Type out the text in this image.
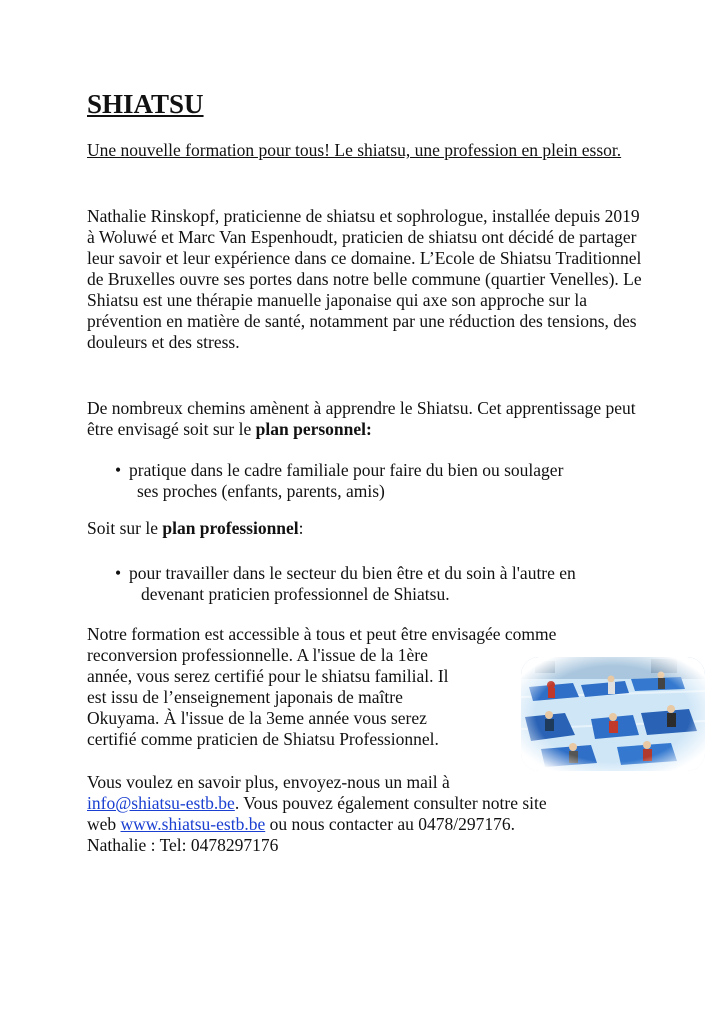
SHIATSU

Une nouvelle formation pour tous! Le shiatsu, une profession en plein essor.

Nathalie Rinskopf, praticienne de shiatsu et sophrologue, installée depuis 2019 à Woluwé et Marc Van Espenhoudt, praticien de shiatsu ont décidé de partager leur savoir et leur expérience dans ce domaine. L’Ecole de Shiatsu Traditionnel de Bruxelles ouvre ses portes dans notre belle commune (quartier Venelles). Le Shiatsu est une thérapie manuelle japonaise qui axe son approche sur la prévention en matière de santé, notamment par une réduction des tensions, des douleurs et des stress.

De nombreux chemins amènent à apprendre le Shiatsu. Cet apprentissage peut être envisagé soit sur le plan personnel:

• pratique dans le cadre familiale pour faire du bien ou soulager
ses proches (enfants, parents, amis)

Soit sur le plan professionnel:

• pour travailler dans le secteur du bien être et du soin à l'autre en
devenant praticien professionnel de Shiatsu.

Notre formation est accessible à tous et peut être envisagée comme
reconversion professionnelle. A l'issue de la 1ère
année, vous serez certifié pour le shiatsu familial. Il
est issu de l’enseignement japonais de maître
Okuyama. À l'issue de la 3eme année vous serez
certifié comme praticien de Shiatsu Professionnel.

Vous voulez en savoir plus, envoyez-nous un mail à
info@shiatsu-estb.be. Vous pouvez également consulter notre site
web www.shiatsu-estb.be ou nous contacter au 0478/297176.
Nathalie : Tel: 0478297176
